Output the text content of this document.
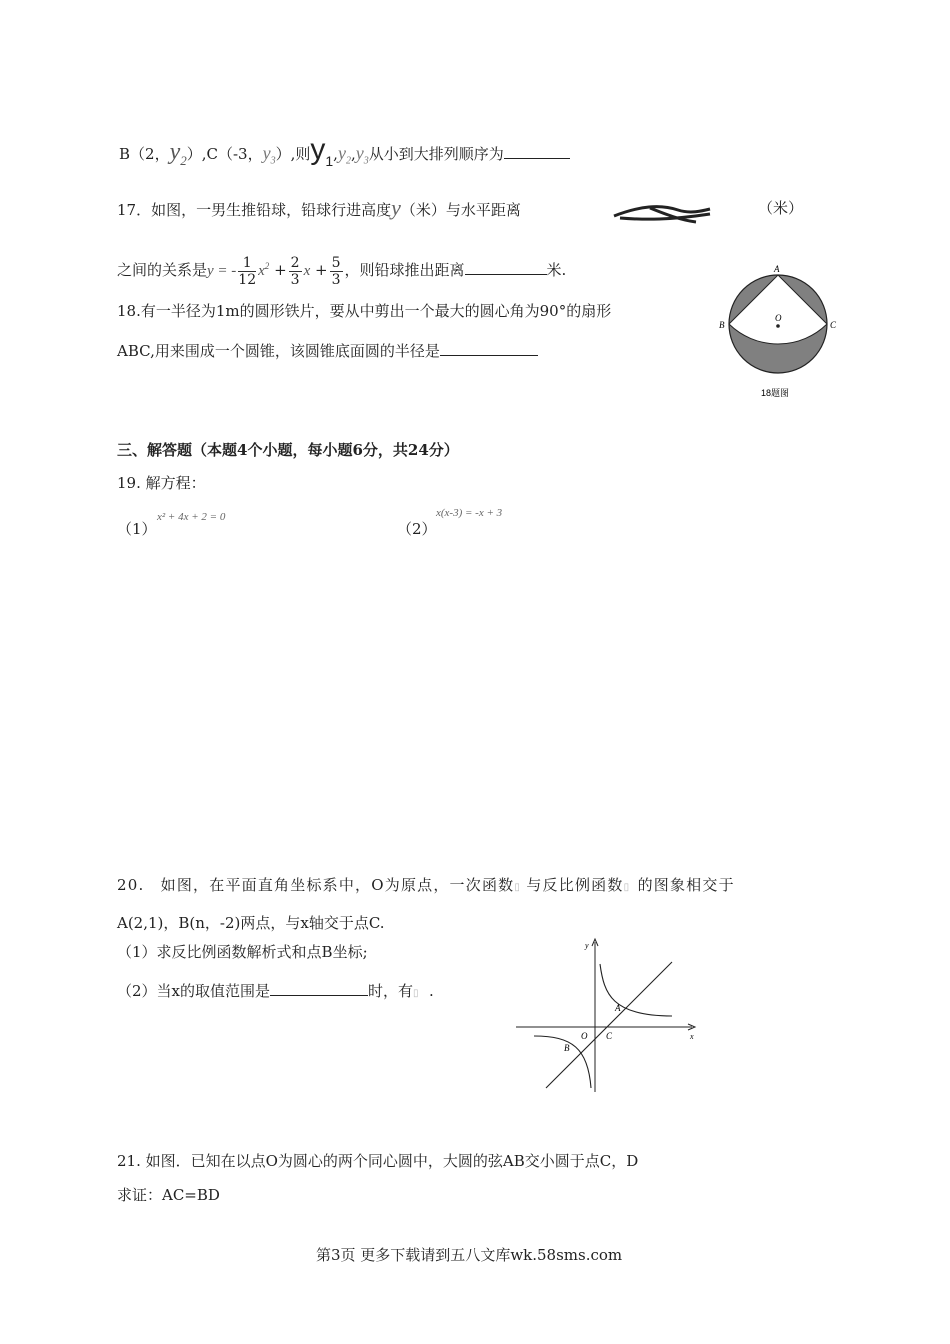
B（2，$y_2),C(-3$，$y_3$）,则$y_1,y_2,y_3$从小到大排列顺序为
17．如图，一男生推铅球，铅球行进高度y（米）与水平距离	（米）
之间的关系是y = - $\frac{1}{12} x^2 + \frac{2}{3}$ $x + \frac{5}{3}$ ，则铅球推出距离	米.
18.有一半径为1m的圆形铁片，要从中剪出一个最大的圆心角为90°的扇形
ABC,用来围成一个圆锥，该圆锥底面圆的半径是
A
B	C
O
18题图
三、解答题（本题4个小题，每小题6分，共24分）
19. 解方程：
（1）
x² + 4x + 2 = 0
（2）
x(x-3) = -x + 3
20.　如图，在平面直角坐标系中，O为原点，一次函数▯ 与反比例函数▯ 的图象相交于
A(2,1)，B(n，-2)两点，与x轴交于点C.
（1）求反比例函数解析式和点B坐标;
（2）当x的取值范围是	时，有▯ .
y
x
O
A
B
C
21. 如图．已知在以点O为圆心的两个同心圆中，大圆的弦AB交小圆于点C，D
求证：AC=BD
第3页 更多下载请到五八文库wk.58sms.com
